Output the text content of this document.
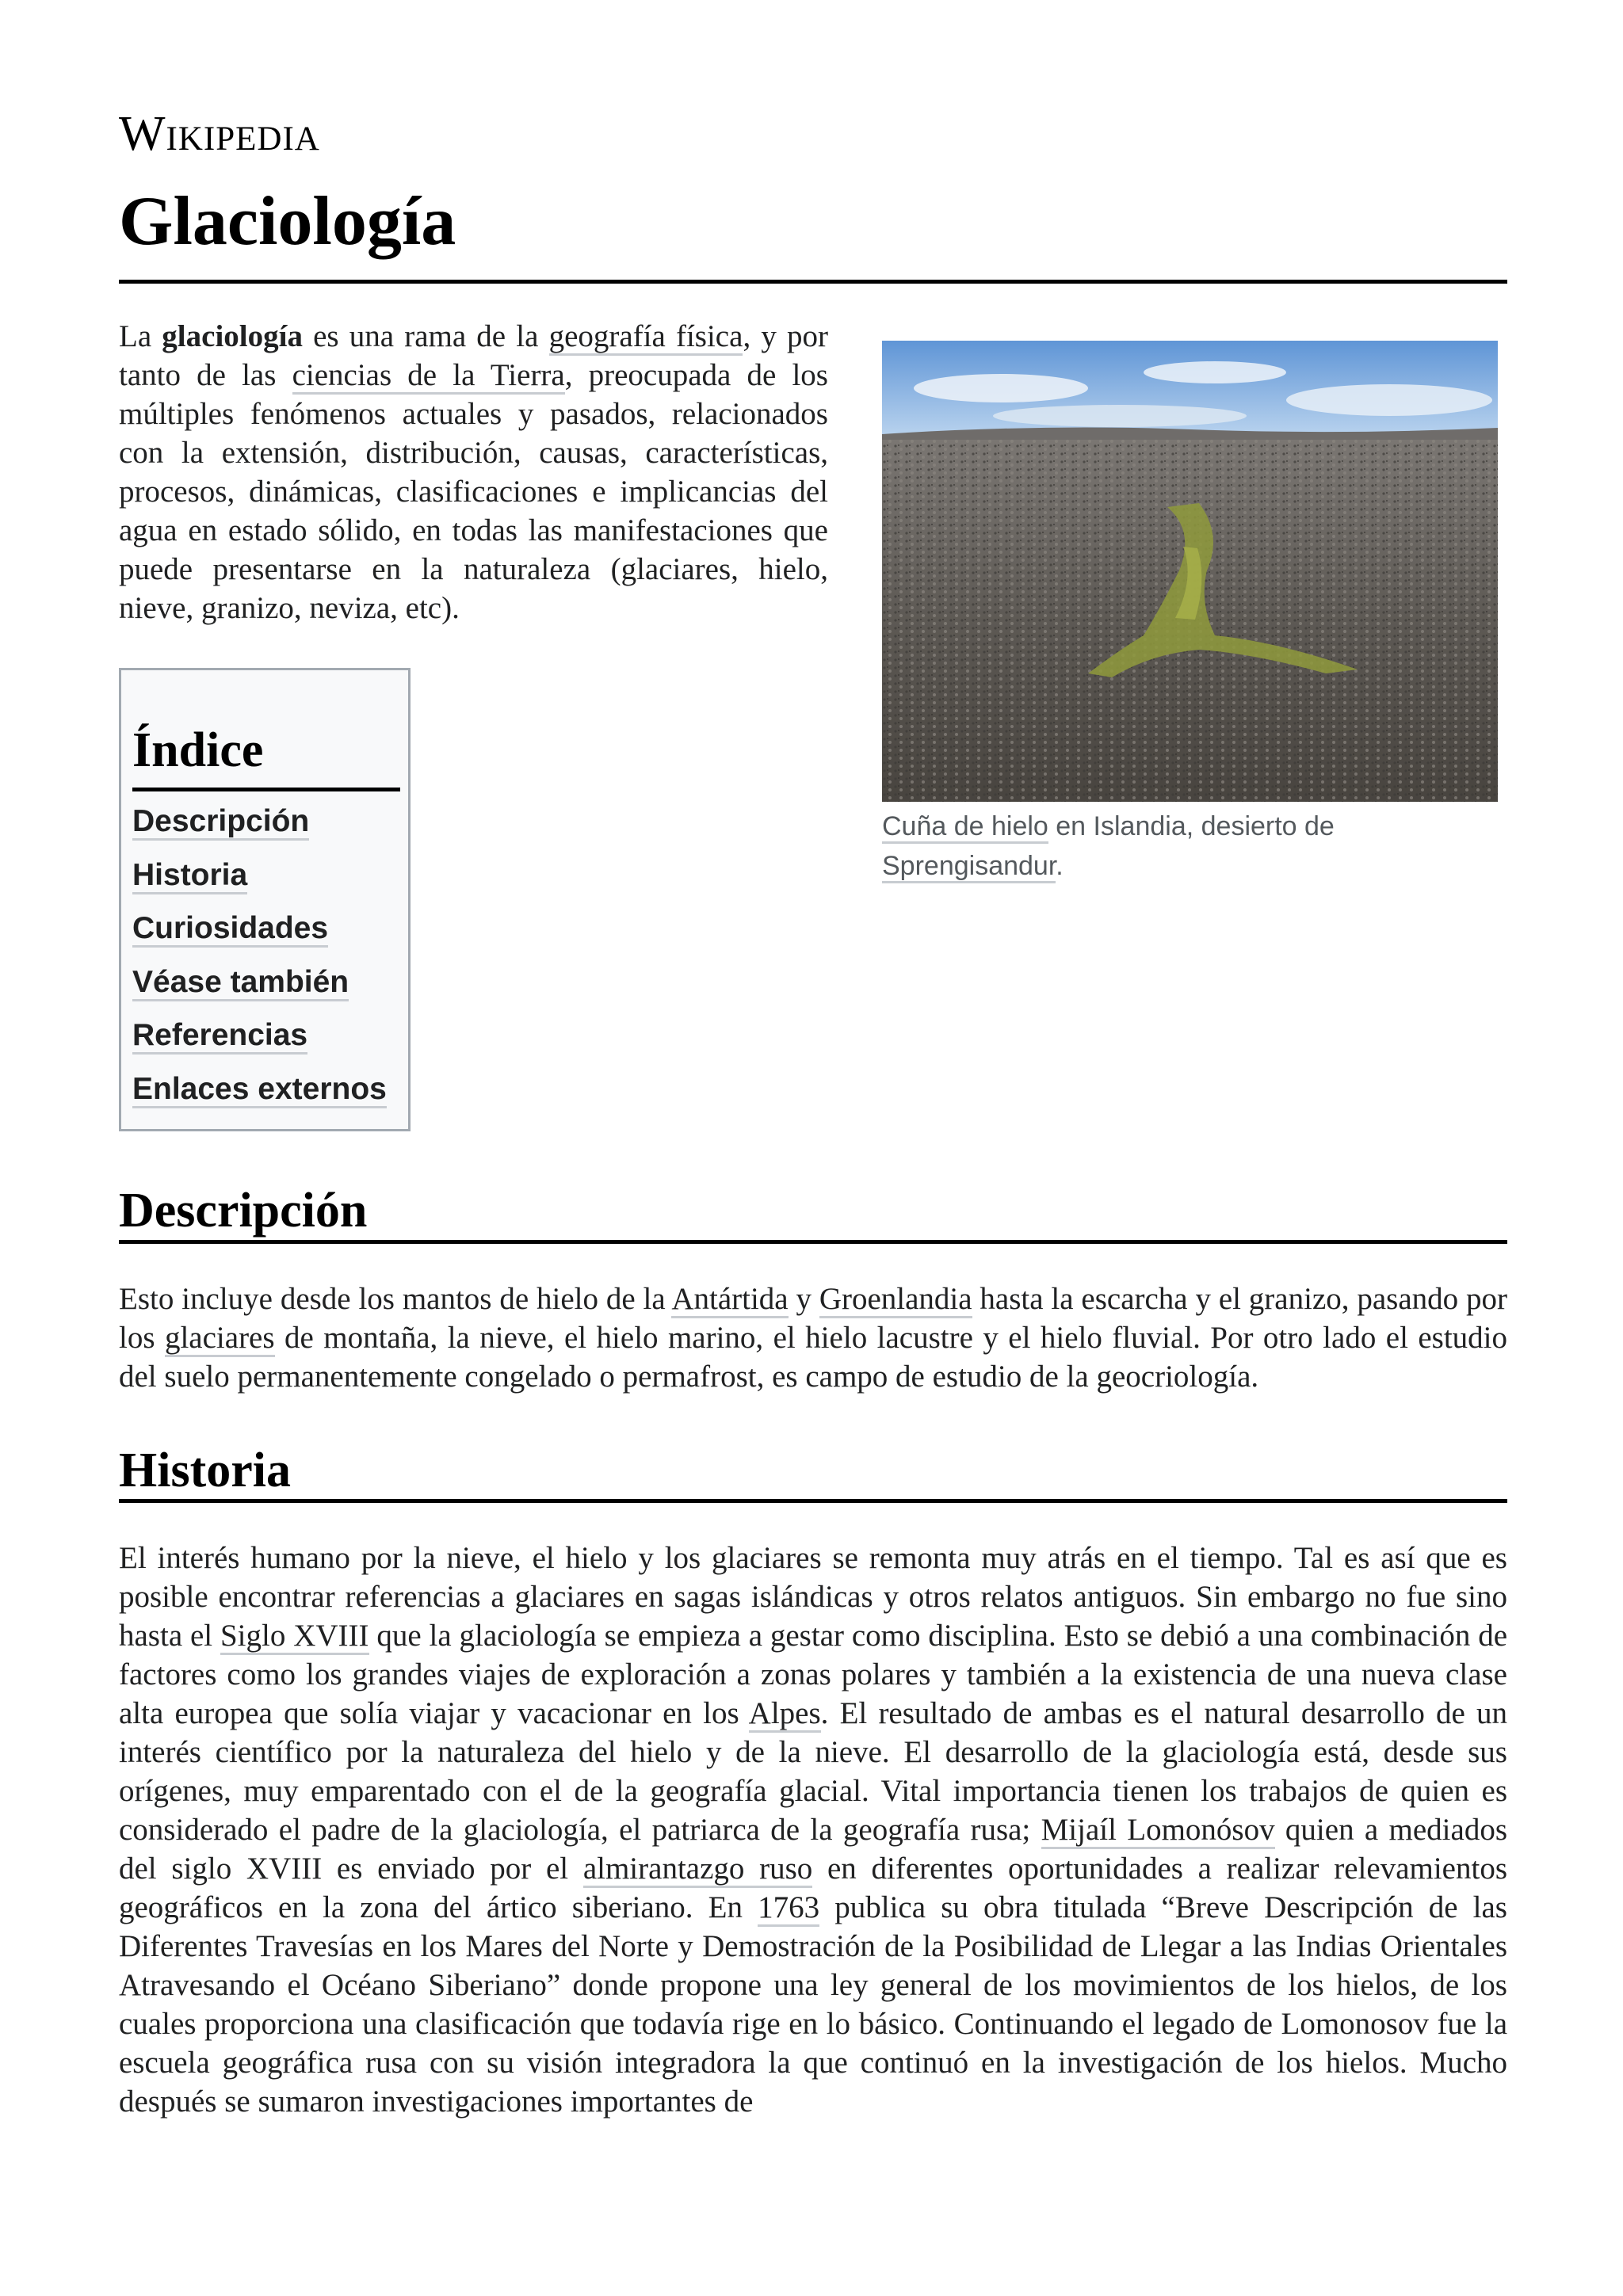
Wikipedia
Glaciología

La glaciología es una rama de la geografía física, y por tanto de las ciencias de la Tierra, preocupada de los múltiples fenómenos actuales y pasados, relacionados con la extensión, distribución, causas, características, procesos, dinámicas, clasificaciones e implicancias del agua en estado sólido, en todas las manifestaciones que puede presentarse en la naturaleza (glaciares, hielo, nieve, granizo, neviza, etc).

Cuña de hielo en Islandia, desierto de Sprengisandur.
Índice
Descripción
Historia
Curiosidades
Véase también
Referencias
Enlaces externos
Descripción

Esto incluye desde los mantos de hielo de la Antártida y Groenlandia hasta la escarcha y el granizo, pasando por los glaciares de montaña, la nieve, el hielo marino, el hielo lacustre y el hielo fluvial. Por otro lado el estudio del suelo permanentemente congelado o permafrost, es campo de estudio de la geocriología.

Historia

El interés humano por la nieve, el hielo y los glaciares se remonta muy atrás en el tiempo. Tal es así que es posible encontrar referencias a glaciares en sagas islándicas y otros relatos antiguos. Sin embargo no fue sino hasta el Siglo XVIII que la glaciología se empieza a gestar como disciplina. Esto se debió a una combinación de factores como los grandes viajes de exploración a zonas polares y también a la existencia de una nueva clase alta europea que solía viajar y vacacionar en los Alpes. El resultado de ambas es el natural desarrollo de un interés científico por la naturaleza del hielo y de la nieve. El desarrollo de la glaciología está, desde sus orígenes, muy emparentado con el de la geografía glacial. Vital importancia tienen los trabajos de quien es considerado el padre de la glaciología, el patriarca de la geografía rusa; Mijaíl Lomonósov quien a mediados del siglo XVIII es enviado por el almirantazgo ruso en diferentes oportunidades a realizar relevamientos geográficos en la zona del ártico siberiano. En 1763 publica su obra titulada “Breve Descripción de las Diferentes Travesías en los Mares del Norte y Demostración de la Posibilidad de Llegar a las Indias Orientales Atravesando el Océano Siberiano” donde propone una ley general de los movimientos de los hielos, de los cuales proporciona una clasificación que todavía rige en lo básico. Continuando el legado de Lomonosov fue la escuela geográfica rusa con su visión integradora la que continuó en la investigación de los hielos. Mucho después se sumaron investigaciones importantes de
